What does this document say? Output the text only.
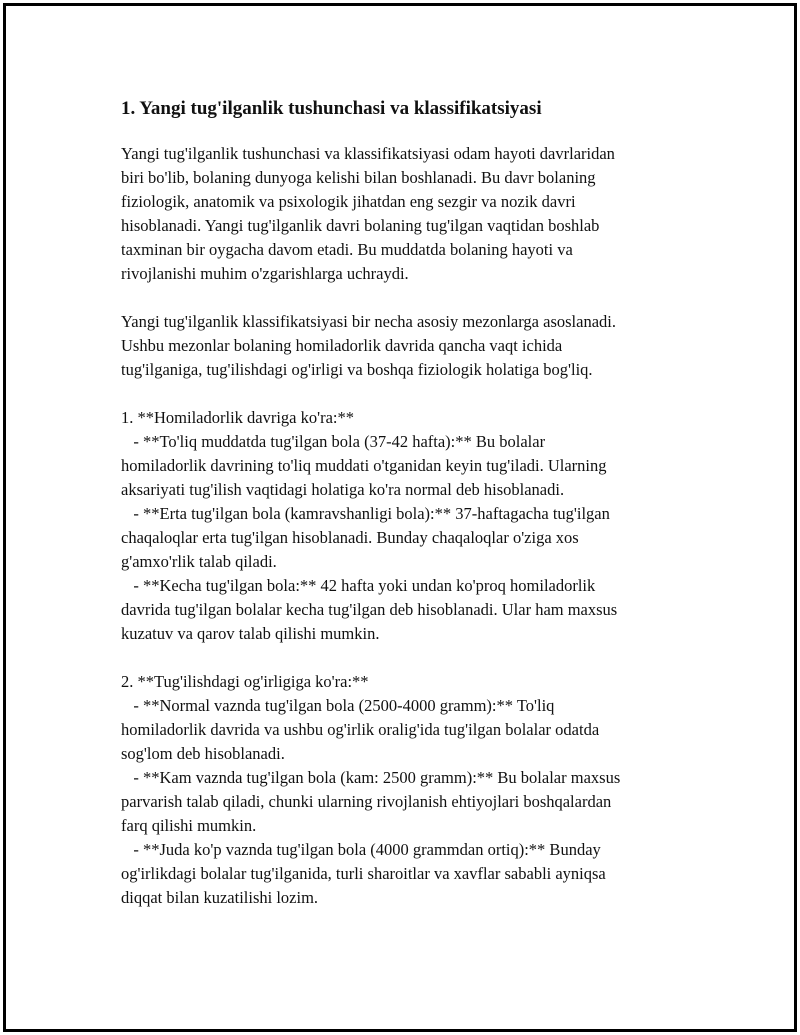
1. Yangi tug'ilganlik tushunchasi va klassifikatsiyasi
Yangi tug'ilganlik tushunchasi va klassifikatsiyasi odam hayoti davrlaridan
biri bo'lib, bolaning dunyoga kelishi bilan boshlanadi. Bu davr bolaning
fiziologik, anatomik va psixologik jihatdan eng sezgir va nozik davri
hisoblanadi. Yangi tug'ilganlik davri bolaning tug'ilgan vaqtidan boshlab
taxminan bir oygacha davom etadi. Bu muddatda bolaning hayoti va
rivojlanishi muhim o'zgarishlarga uchraydi.
Yangi tug'ilganlik klassifikatsiyasi bir necha asosiy mezonlarga asoslanadi.
Ushbu mezonlar bolaning homiladorlik davrida qancha vaqt ichida
tug'ilganiga, tug'ilishdagi og'irligi va boshqa fiziologik holatiga bog'liq.
1. **Homiladorlik davriga ko'ra:**
- **To'liq muddatda tug'ilgan bola (37-42 hafta):** Bu bolalar
homiladorlik davrining to'liq muddati o'tganidan keyin tug'iladi. Ularning
aksariyati tug'ilish vaqtidagi holatiga ko'ra normal deb hisoblanadi.
- **Erta tug'ilgan bola (kamravshanligi bola):** 37-haftagacha tug'ilgan
chaqaloqlar erta tug'ilgan hisoblanadi. Bunday chaqaloqlar o'ziga xos
g'amxo'rlik talab qiladi.
- **Kecha tug'ilgan bola:** 42 hafta yoki undan ko'proq homiladorlik
davrida tug'ilgan bolalar kecha tug'ilgan deb hisoblanadi. Ular ham maxsus
kuzatuv va qarov talab qilishi mumkin.
2. **Tug'ilishdagi og'irligiga ko'ra:**
- **Normal vaznda tug'ilgan bola (2500-4000 gramm):** To'liq
homiladorlik davrida va ushbu og'irlik oralig'ida tug'ilgan bolalar odatda
sog'lom deb hisoblanadi.
- **Kam vaznda tug'ilgan bola (kam: 2500 gramm):** Bu bolalar maxsus
parvarish talab qiladi, chunki ularning rivojlanish ehtiyojlari boshqalardan
farq qilishi mumkin.
- **Juda ko'p vaznda tug'ilgan bola (4000 grammdan ortiq):** Bunday
og'irlikdagi bolalar tug'ilganida, turli sharoitlar va xavflar sababli ayniqsa
diqqat bilan kuzatilishi lozim.
